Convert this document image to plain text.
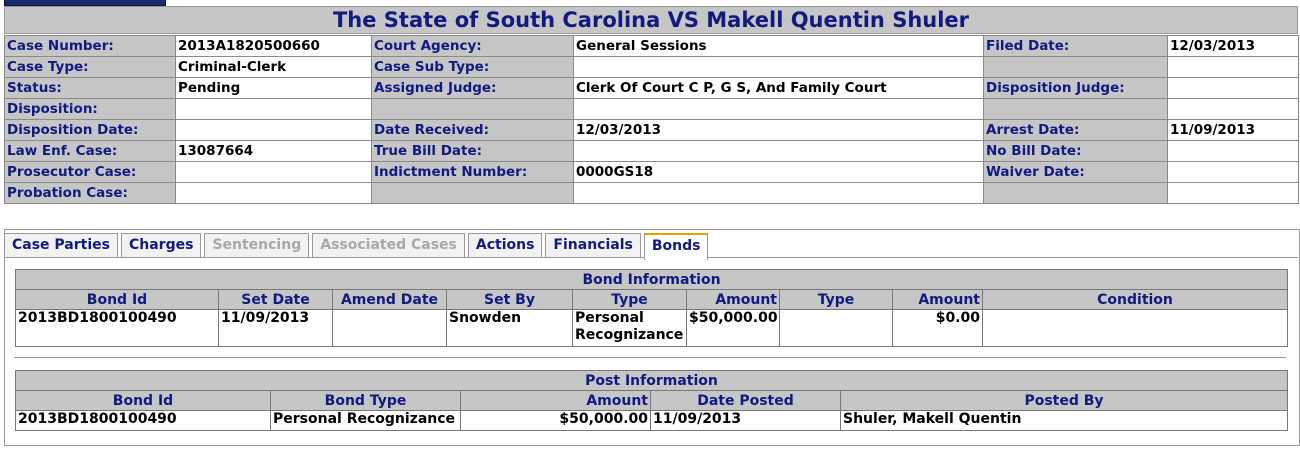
The State of South Carolina VS Makell Quentin Shuler
Case Number:	2013A1820500660	Court Agency:	General Sessions	Filed Date:	12/03/2013
Case Type:	Criminal-Clerk	Case Sub Type:			
Status:	Pending	Assigned Judge:	Clerk Of Court C P, G S, And Family Court	Disposition Judge:	
Disposition:					
Disposition Date:		Date Received:	12/03/2013	Arrest Date:	11/09/2013
Law Enf. Case:	13087664	True Bill Date:		No Bill Date:	
Prosecutor Case:		Indictment Number:	0000GS18	Waiver Date:	
Probation Case:					
Case Parties	Charges	Sentencing	Associated Cases	Actions	Financials	Bonds
Bond Information								
Bond Id	Set Date	Amend Date	Set By	Type	Amount	Type	Amount	Condition
2013BD1800100490	11/09/2013		Snowden	Personal Recognizance	$50,000.00		$0.00	
Post Information				
Bond Id	Bond Type	Amount	Date Posted	Posted By
2013BD1800100490	Personal Recognizance	$50,000.00	11/09/2013	Shuler, Makell Quentin
